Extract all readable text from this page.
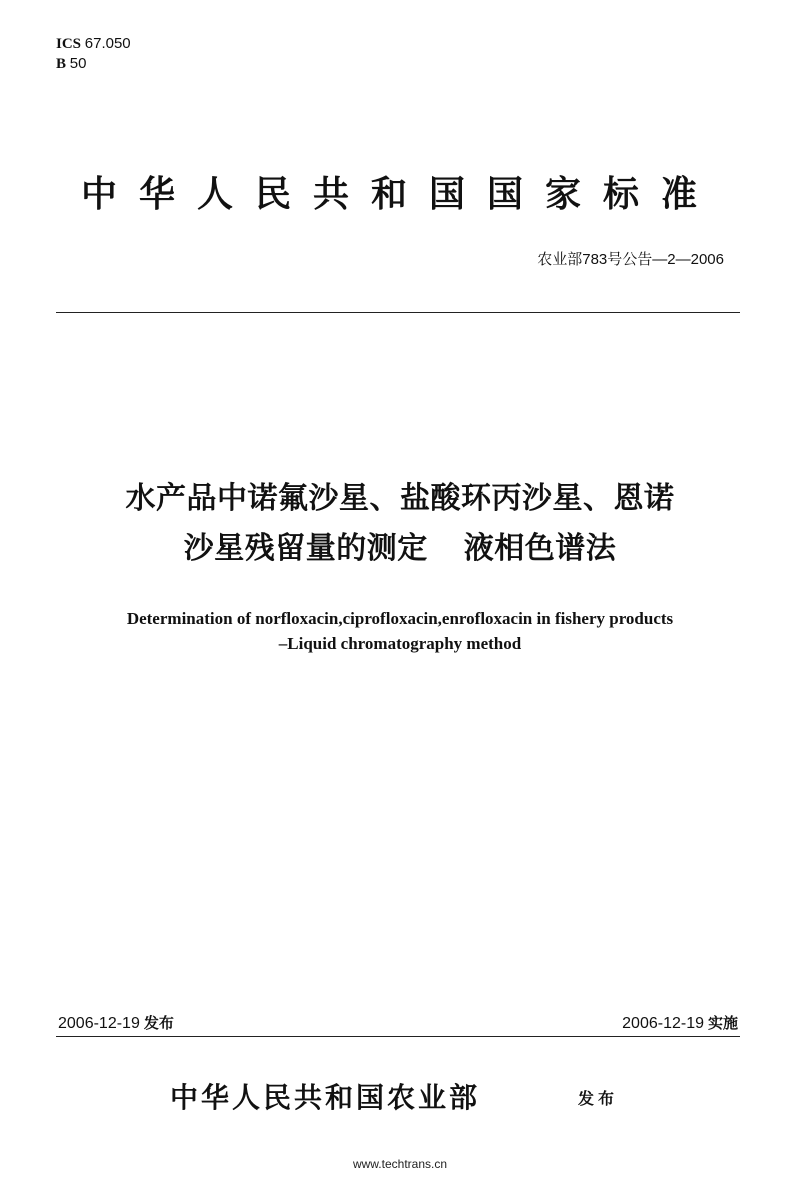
ICS 67.050
B 50
中华人民共和国国家标准
农业部783号公告—2—2006
水产品中诺氟沙星、盐酸环丙沙星、恩诺
沙星残留量的测定 液相色谱法
Determination of norfloxacin,ciprofloxacin,enrofloxacin in fishery products
–Liquid chromatography method
2006-12-19 发布	2006-12-19 实施
中华人民共和国农业部	发布
www.techtrans.cn
